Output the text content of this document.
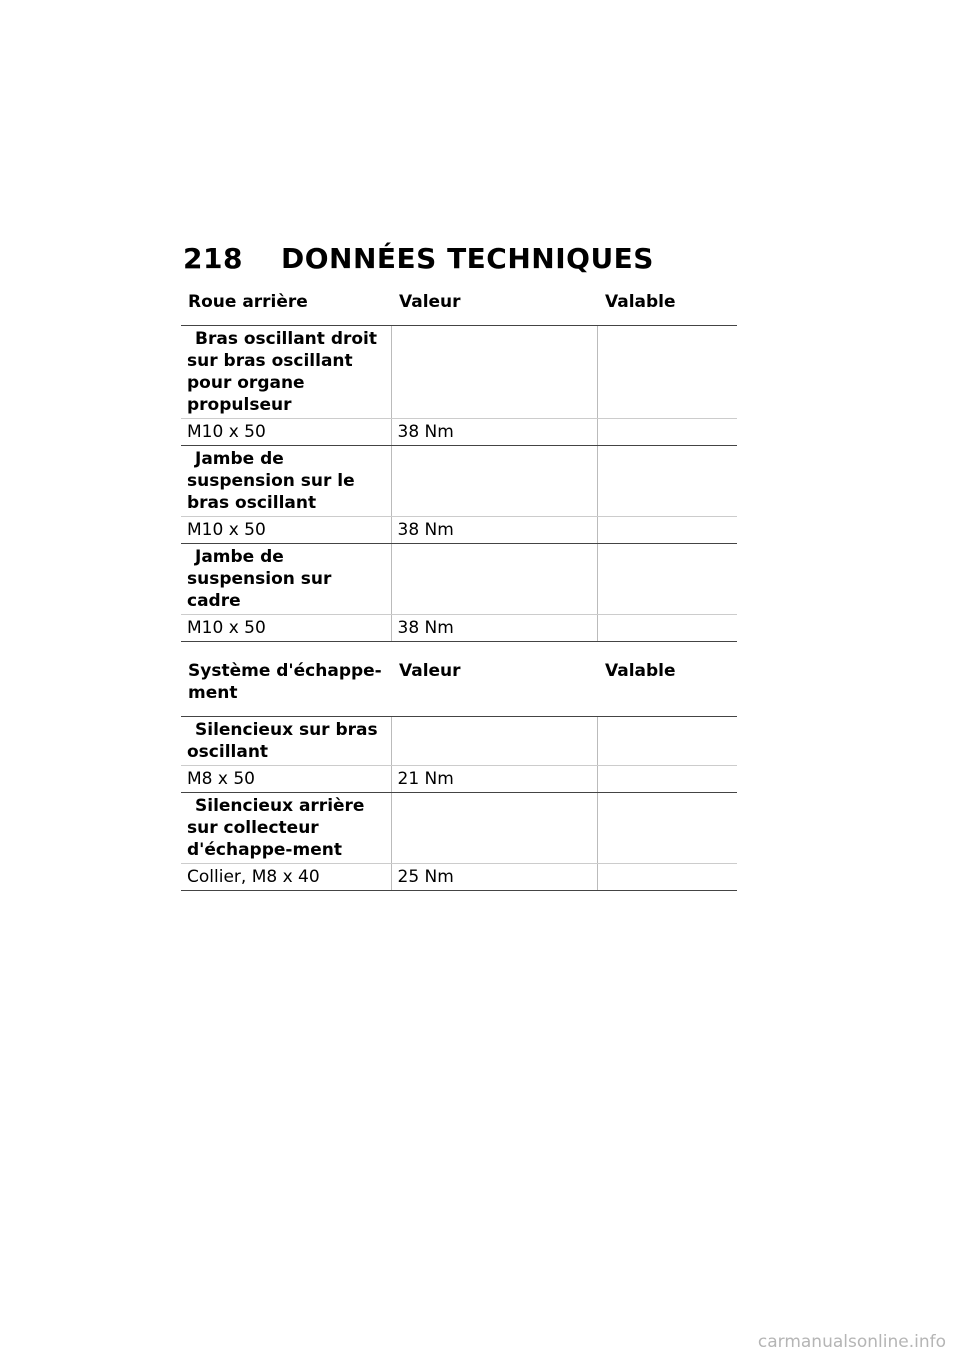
218 DONNÉES TECHNIQUES
Roue arrière	Valeur	Valable
Bras oscillant droit sur bras oscillant pour organe propulseur		
M10 x 50	38 Nm	
Jambe de suspension sur le bras oscillant		
M10 x 50	38 Nm	
Jambe de suspension sur cadre		
M10 x 50	38 Nm	
Système d'échappe-ment	Valeur	Valable
Silencieux sur bras oscillant		
M8 x 50	21 Nm	
Silencieux arrière sur collecteur d'échappe-ment		
Collier, M8 x 40	25 Nm	
carmanualsonline.info
